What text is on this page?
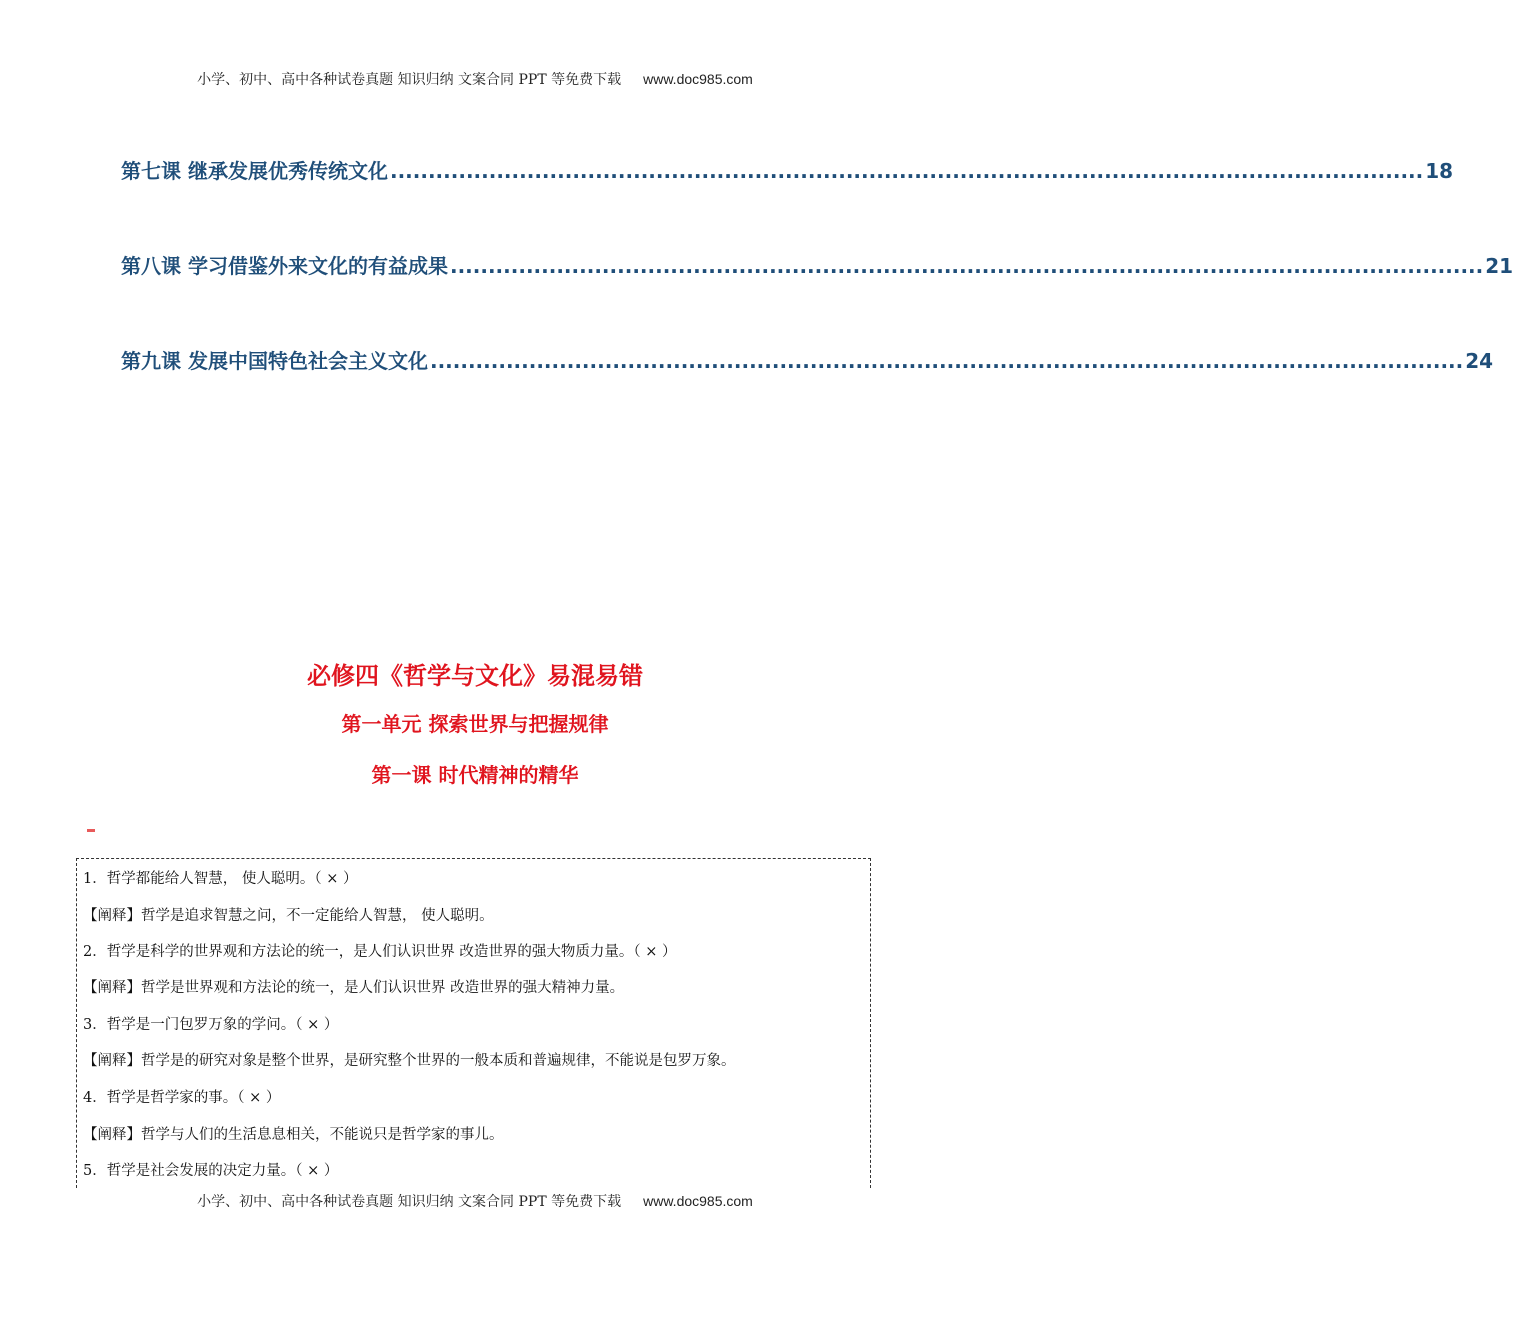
小学、初中、高中各种试卷真题 知识归纳 文案合同 PPT 等免费下载 www.doc985.com
第七课 继承发展优秀传统文化 ........................................................................................................................................ 18
第八课 学习借鉴外来文化的有益成果 ........................................................................................................................................ 21
第九课 发展中国特色社会主义文化 ........................................................................................................................................ 24
必修四《哲学与文化》易混易错
第一单元 探索世界与把握规律
第一课 时代精神的精华
1．哲学都能给人智慧， 使人聪明。（ × ）
【阐释】哲学是追求智慧之问，不一定能给人智慧， 使人聪明。
2．哲学是科学的世界观和方法论的统一，是人们认识世界 改造世界的强大物质力量。（ × ）
【阐释】哲学是世界观和方法论的统一，是人们认识世界 改造世界的强大精神力量。
3．哲学是一门包罗万象的学问。（ × ）
【阐释】哲学是的研究对象是整个世界，是研究整个世界的一般本质和普遍规律，不能说是包罗万象。
4．哲学是哲学家的事。（ × ）
【阐释】哲学与人们的生活息息相关，不能说只是哲学家的事儿。
5．哲学是社会发展的决定力量。（ × ）
小学、初中、高中各种试卷真题 知识归纳 文案合同 PPT 等免费下载 www.doc985.com
